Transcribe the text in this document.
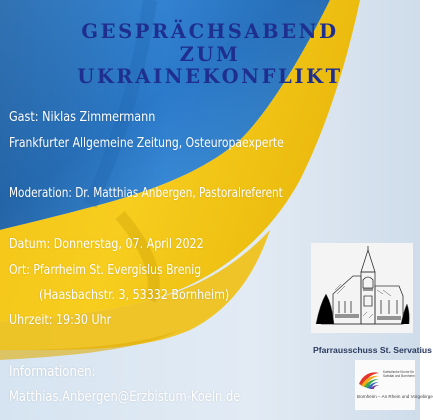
GESPRÄCHSABEND
ZUM
UKRAINEKONFLIKT
Gast: Niklas Zimmermann
Frankfurter Allgemeine Zeitung, Osteuropaexperte
Moderation: Dr. Matthias Anbergen, Pastoralreferent
Datum: Donnerstag, 07. April 2022
Ort: Pfarrheim St. Evergislus Brenig
(Haasbachstr. 3, 53332 Bornheim)
Uhrzeit: 19:30 Uhr
Informationen:
Matthias.Anbergen@Erzbistum-Koeln.de
Pfarrausschuss St. Servatius
Katholische Kirche für Swisttal und Bornheim
Bornheim – An Rhein und Vorgebirge
